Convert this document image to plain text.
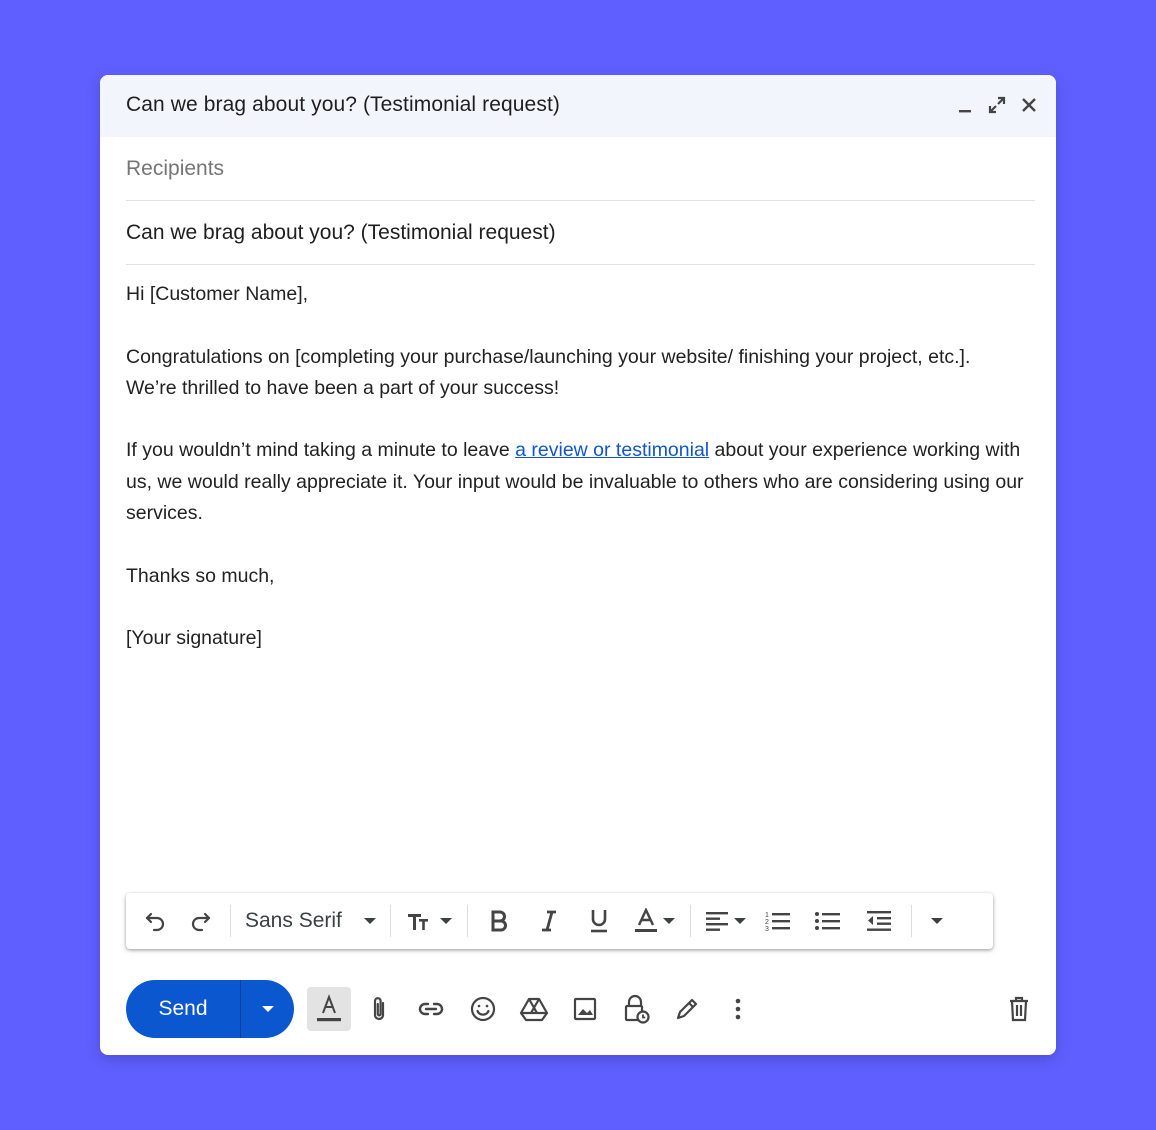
Can we brag about you? (Testimonial request)
Recipients
Can we brag about you? (Testimonial request)

Hi [Customer Name],

Congratulations on [completing your purchase/launching your website/ finishing your project, etc.].
We’re thrilled to have been a part of your success!

If you wouldn’t mind taking a minute to leave a review or testimonial about your experience working with us, we would really appreciate it. Your input would be invaluable to others who are considering using our services.

Thanks so much,

[Your signature]

Sans Serif	1
2
3
Send
